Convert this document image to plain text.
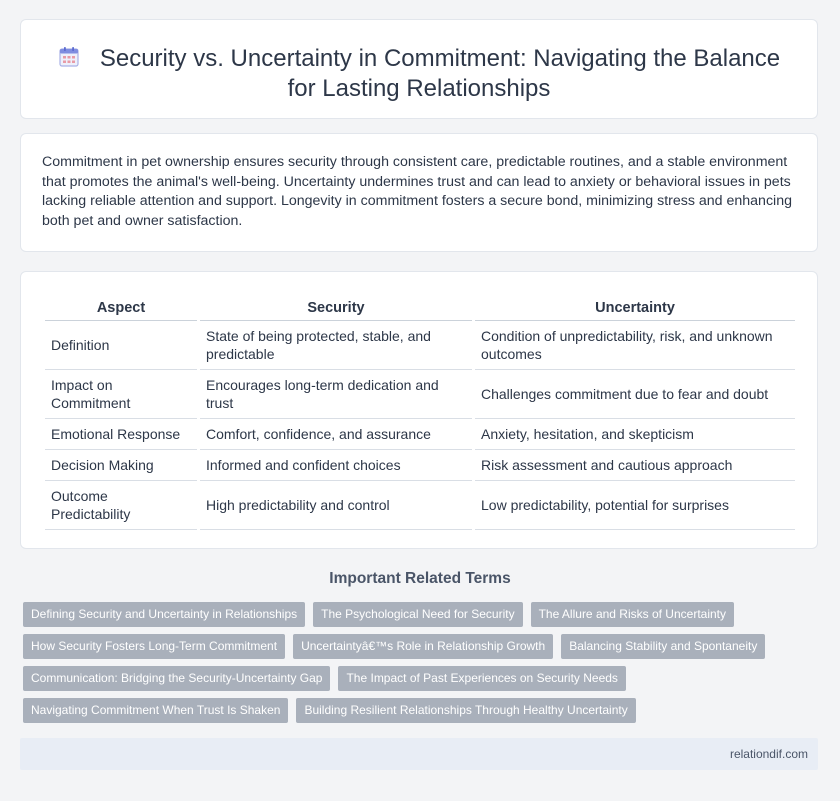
Security vs. Uncertainty in Commitment: Navigating the Balance
for Lasting Relationships

Commitment in pet ownership ensures security through consistent care, predictable routines, and a stable environment that promotes the animal's well-being. Uncertainty undermines trust and can lead to anxiety or behavioral issues in pets lacking reliable attention and support. Longevity in commitment fosters a secure bond, minimizing stress and enhancing both pet and owner satisfaction.

Aspect	Security	Uncertainty
Definition	State of being protected, stable, and predictable	Condition of unpredictability, risk, and unknown outcomes
Impact on Commitment	Encourages long-term dedication and trust	Challenges commitment due to fear and doubt
Emotional Response	Comfort, confidence, and assurance	Anxiety, hesitation, and skepticism
Decision Making	Informed and confident choices	Risk assessment and cautious approach
Outcome Predictability	High predictability and control	Low predictability, potential for surprises
Important Related Terms
Defining Security and Uncertainty in Relationships	The Psychological Need for Security	The Allure and Risks of Uncertainty
How Security Fosters Long-Term Commitment	Uncertaintyâ€™s Role in Relationship Growth	Balancing Stability and Spontaneity
Communication: Bridging the Security-Uncertainty Gap	The Impact of Past Experiences on Security Needs
Navigating Commitment When Trust Is Shaken	Building Resilient Relationships Through Healthy Uncertainty
relationdif.com
